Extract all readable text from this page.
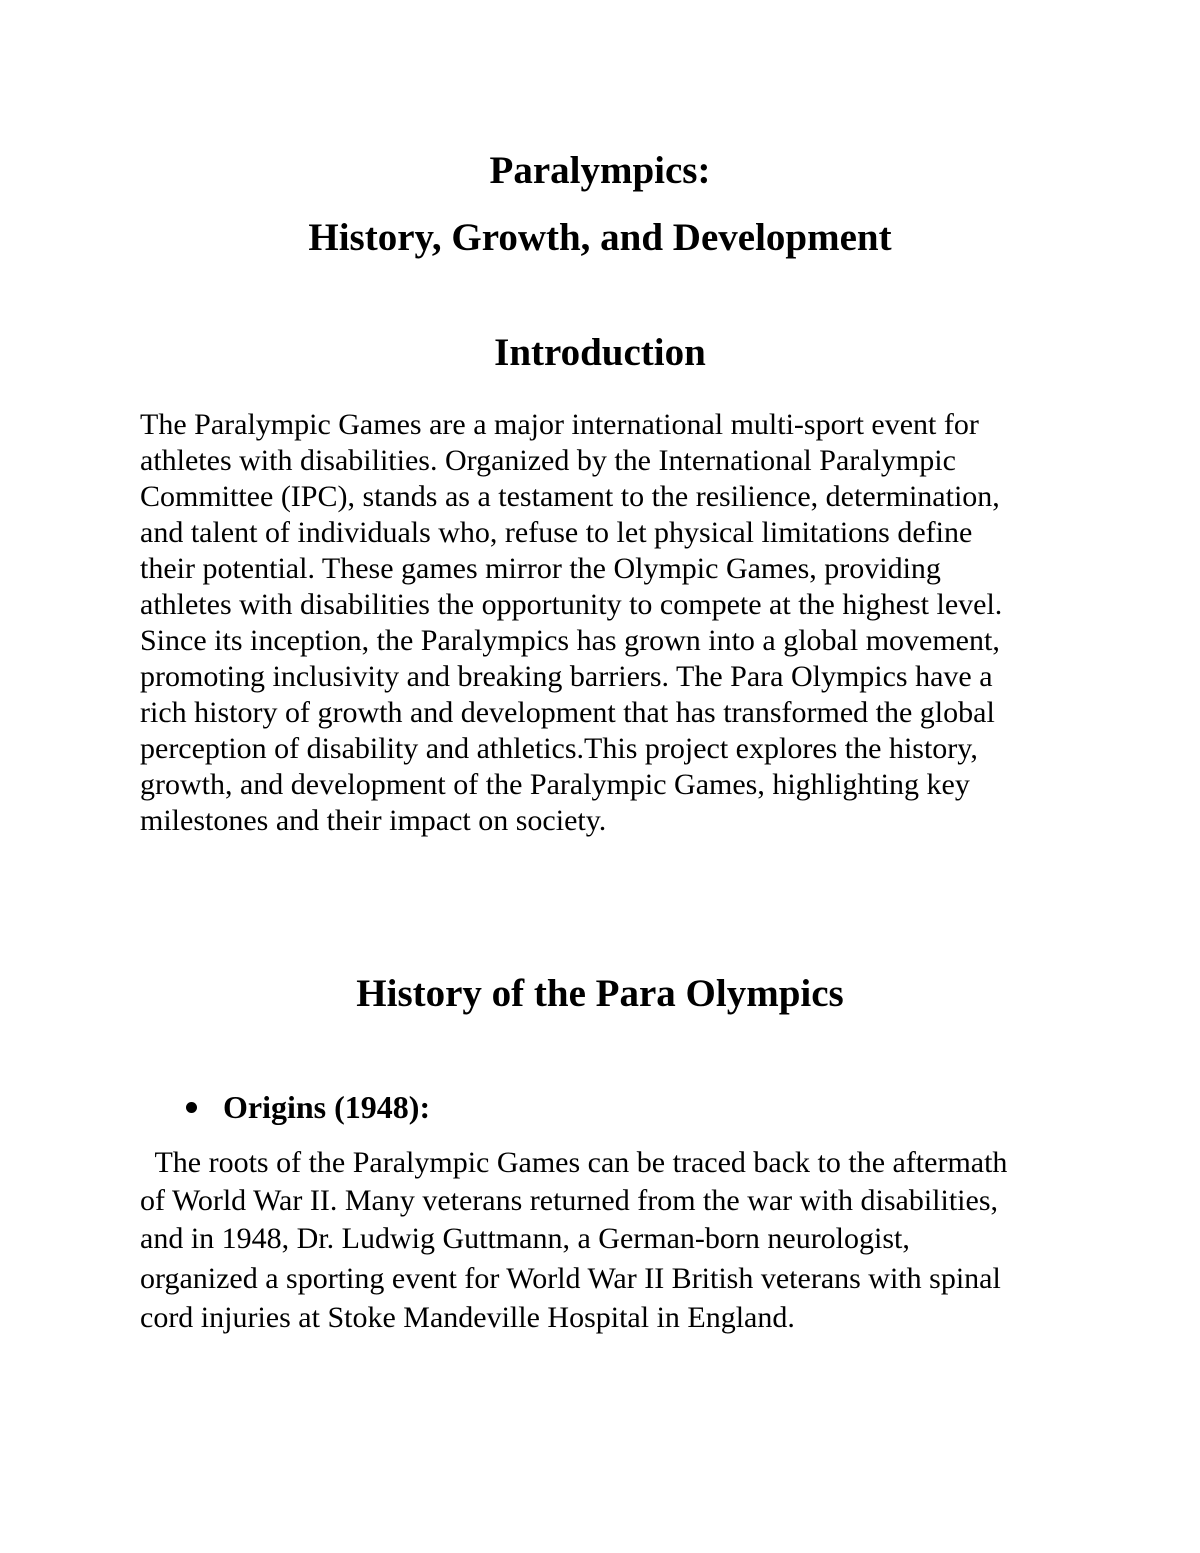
Paralympics:
History, Growth, and Development
Introduction

The Paralympic Games are a major international multi-sport event for

athletes with disabilities. Organized by the International Paralympic

Committee (IPC), stands as a testament to the resilience, determination,

and talent of individuals who, refuse to let physical limitations define

their potential. These games mirror the Olympic Games, providing

athletes with disabilities the opportunity to compete at the highest level.

Since its inception, the Paralympics has grown into a global movement,

promoting inclusivity and breaking barriers. The Para Olympics have a

rich history of growth and development that has transformed the global

perception of disability and athletics.This project explores the history,

growth, and development of the Paralympic Games, highlighting key

milestones and their impact on society.

History of the Para Olympics
Origins (1948):

The roots of the Paralympic Games can be traced back to the aftermath

of World War II. Many veterans returned from the war with disabilities,

and in 1948, Dr. Ludwig Guttmann, a German-born neurologist,

organized a sporting event for World War II British veterans with spinal

cord injuries at Stoke Mandeville Hospital in England.
